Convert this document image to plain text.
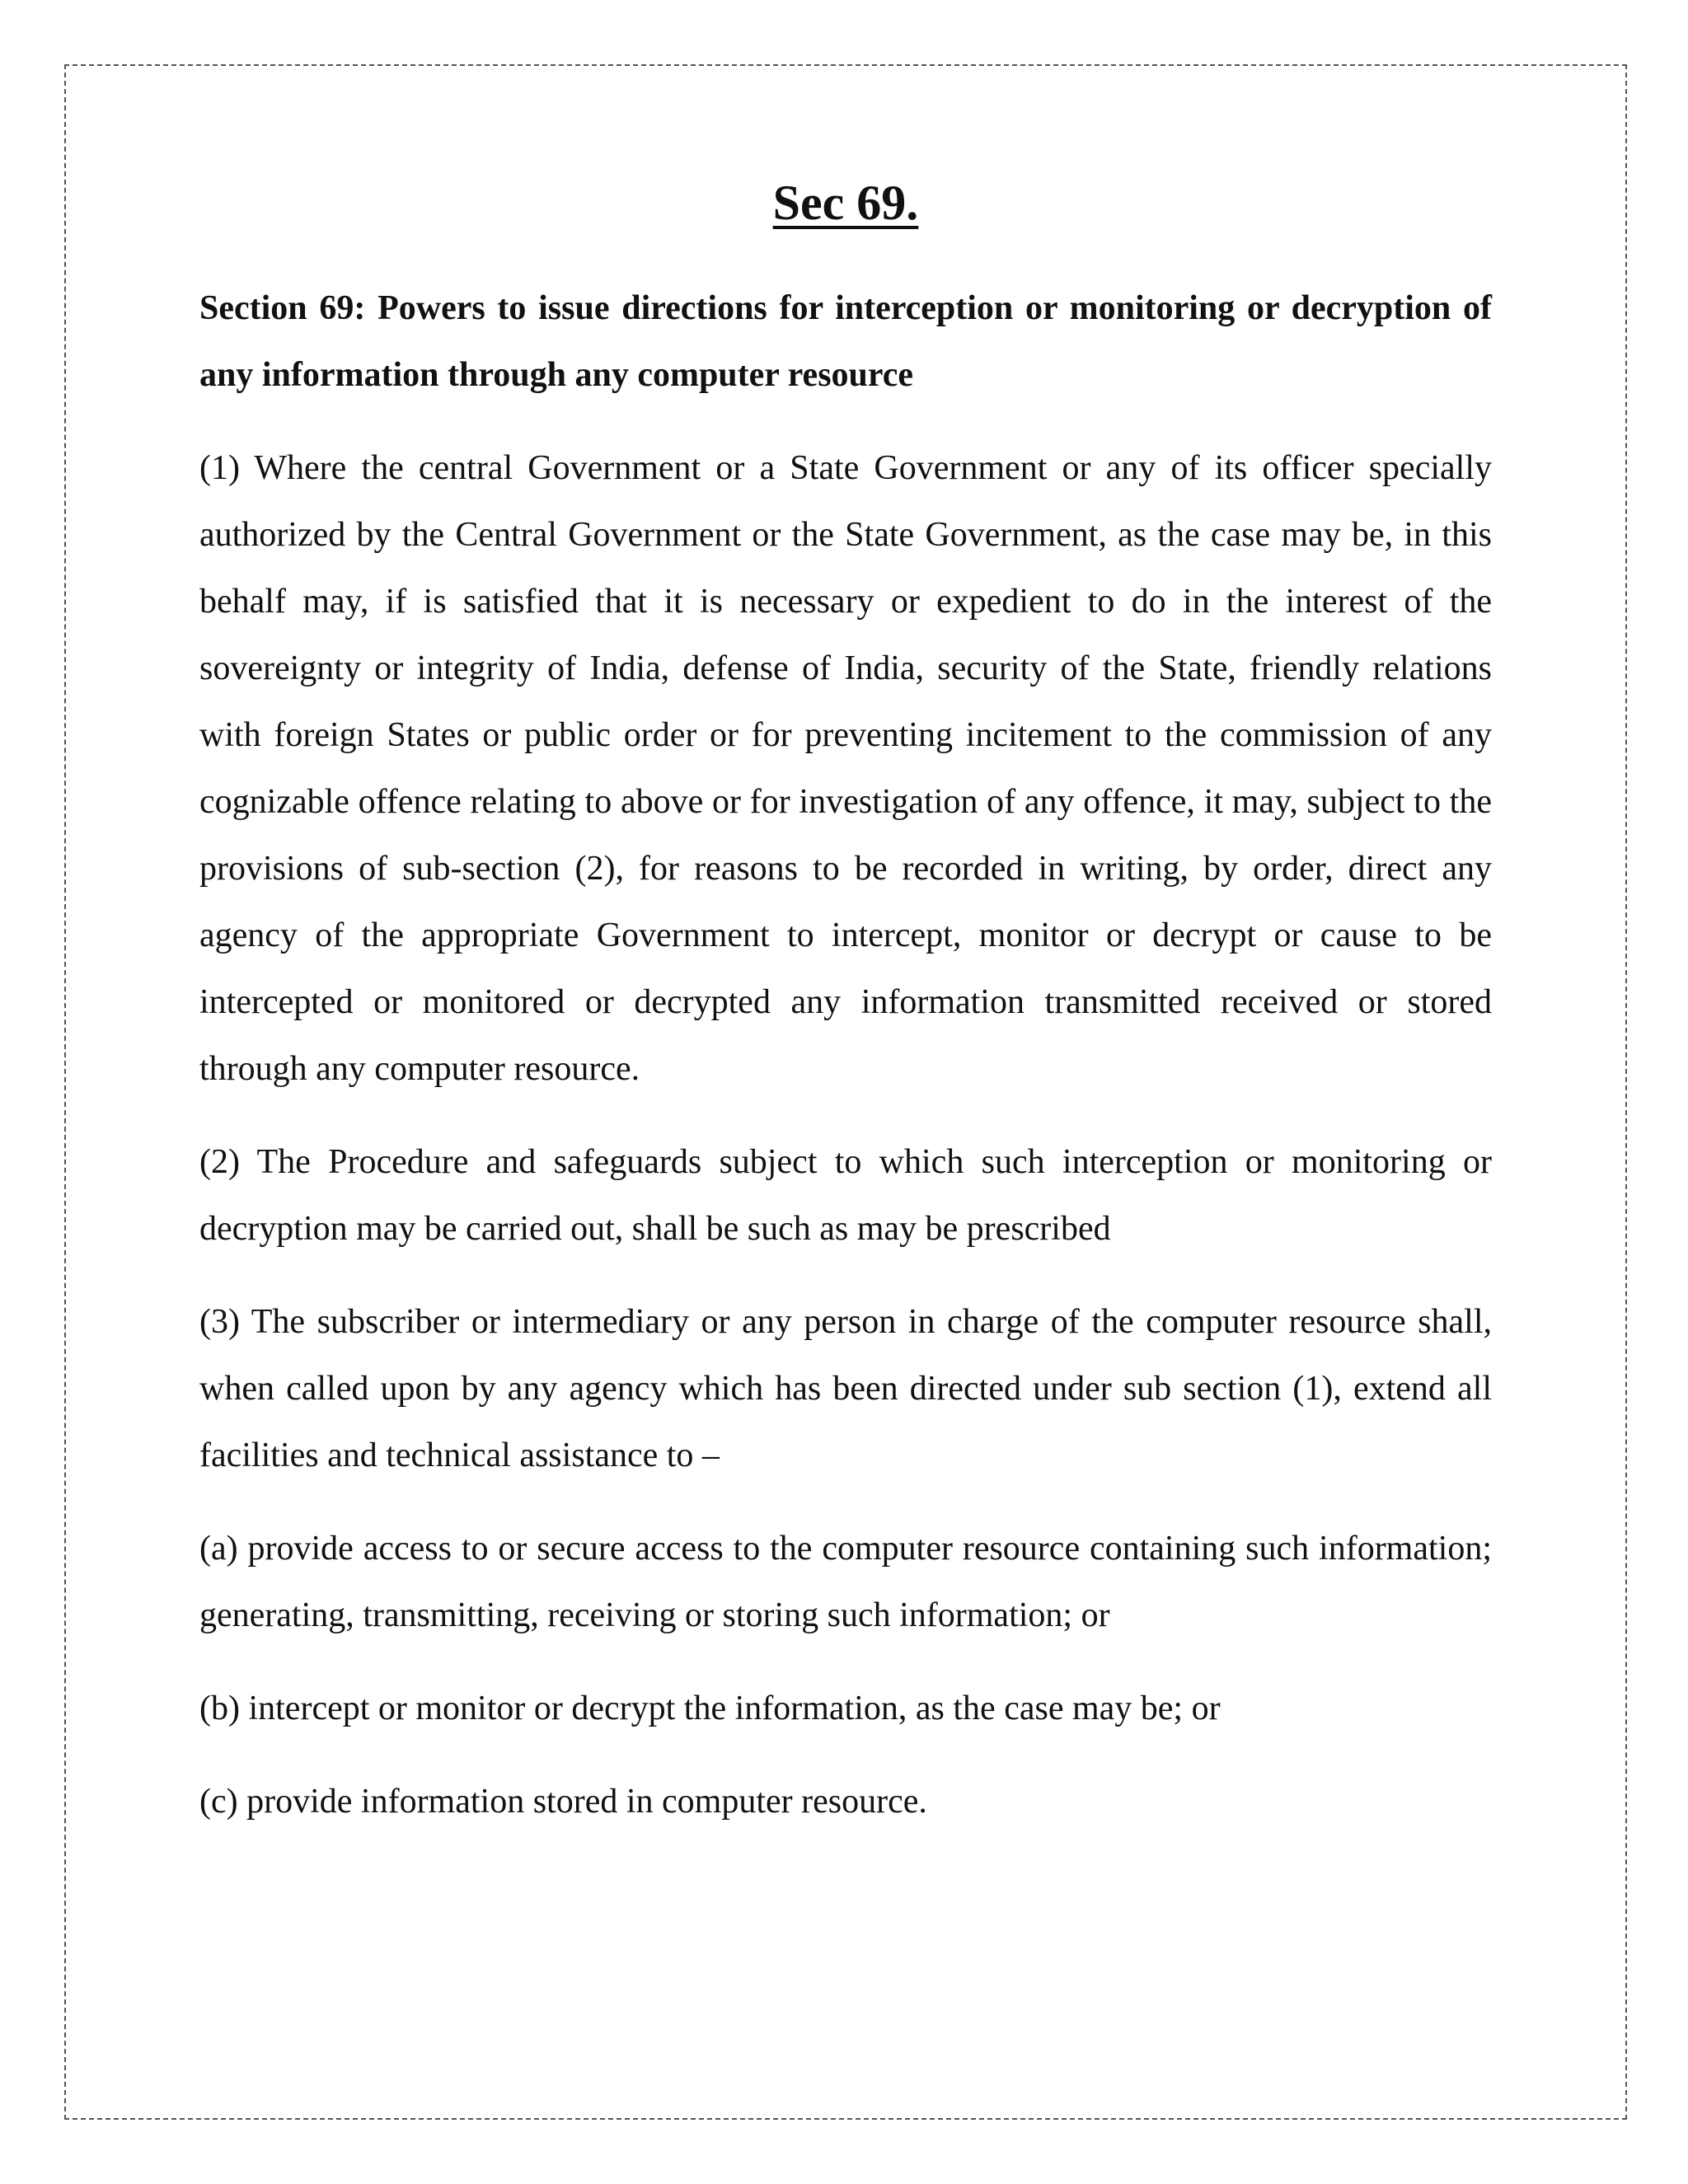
Sec 69.

Section 69: Powers to issue directions for interception or monitoring or decryption of any information through any computer resource

(1) Where the central Government or a State Government or any of its officer specially authorized by the Central Government or the State Government, as the case may be, in this behalf may, if is satisfied that it is necessary or expedient to do in the interest of the sovereignty or integrity of India, defense of India, security of the State, friendly relations with foreign States or public order or for preventing incitement to the commission of any cognizable offence relating to above or for investigation of any offence, it may, subject to the provisions of sub-section (2), for reasons to be recorded in writing, by order, direct any agency of the appropriate Government to intercept, monitor or decrypt or cause to be intercepted or monitored or decrypted any information transmitted received or stored through any computer resource.

(2) The Procedure and safeguards subject to which such interception or monitoring or decryption may be carried out, shall be such as may be prescribed

(3) The subscriber or intermediary or any person in charge of the computer resource shall, when called upon by any agency which has been directed under sub section (1), extend all facilities and technical assistance to –

(a) provide access to or secure access to the computer resource containing such information; generating, transmitting, receiving or storing such information; or

(b) intercept or monitor or decrypt the information, as the case may be; or

(c) provide information stored in computer resource.
